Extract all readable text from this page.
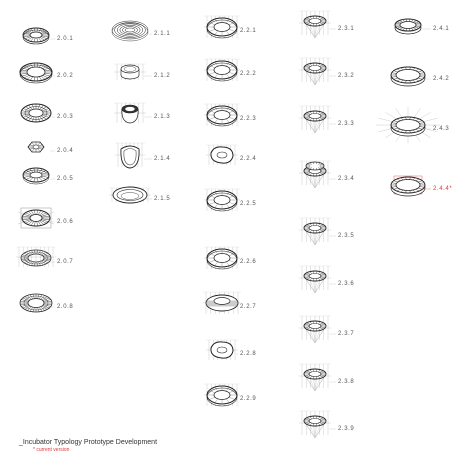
2.0.1
2.0.2
2.0.3
2.0.4
2.0.5
2.0.6
2.0.7
2.0.8
2.1.1
2.1.2
2.1.3
2.1.4
2.1.5
2.2.1
2.2.2
2.2.3
2.2.4
2.2.5
2.2.6
2.2.7
2.2.8
2.2.9
2.3.1
2.3.2
2.3.3
2.3.4
2.3.5
2.3.6
2.3.7
2.3.8
2.3.9
2.4.1
2.4.2
2.4.3
2.4.4*
_Incubator Typology Prototype Development
* current version
